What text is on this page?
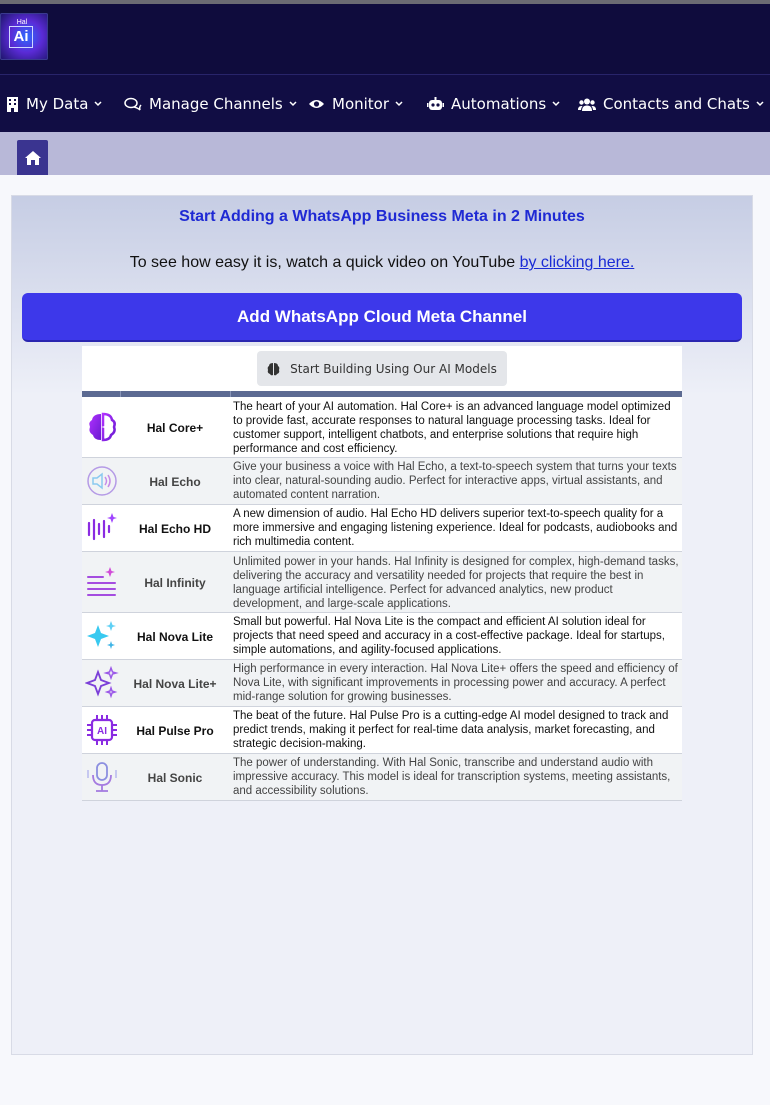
Hal
Ai
My Data	Manage Channels	Monitor	Automations	Contacts and Chats
Start Adding a WhatsApp Business Meta in 2 Minutes
To see how easy it is, watch a quick video on YouTube by clicking here.
Add WhatsApp Cloud Meta Channel
Start Building Using Our AI Models
Hal Core+
The heart of your AI automation. Hal Core+ is an advanced language model optimized to provide fast, accurate responses to natural language processing tasks. Ideal for customer support, intelligent chatbots, and enterprise solutions that require high performance and cost efficiency.
Hal Echo
Give your business a voice with Hal Echo, a text-to-speech system that turns your texts into clear, natural-sounding audio. Perfect for interactive apps, virtual assistants, and automated content narration.
Hal Echo HD
A new dimension of audio. Hal Echo HD delivers superior text-to-speech quality for a more immersive and engaging listening experience. Ideal for podcasts, audiobooks and rich multimedia content.
Hal Infinity
Unlimited power in your hands. Hal Infinity is designed for complex, high-demand tasks, delivering the accuracy and versatility needed for projects that require the best in language artificial intelligence. Perfect for advanced analytics, new product development, and large-scale applications.
Hal Nova Lite
Small but powerful. Hal Nova Lite is the compact and efficient AI solution ideal for projects that need speed and accuracy in a cost-effective package. Ideal for startups, simple automations, and agility-focused applications.
Hal Nova Lite+
High performance in every interaction. Hal Nova Lite+ offers the speed and efficiency of Nova Lite, with significant improvements in processing power and accuracy. A perfect mid-range solution for growing businesses.
AI	Hal Pulse Pro
The beat of the future. Hal Pulse Pro is a cutting-edge AI model designed to track and predict trends, making it perfect for real-time data analysis, market forecasting, and strategic decision-making.
Hal Sonic
The power of understanding. With Hal Sonic, transcribe and understand audio with impressive accuracy. This model is ideal for transcription systems, meeting assistants, and accessibility solutions.
